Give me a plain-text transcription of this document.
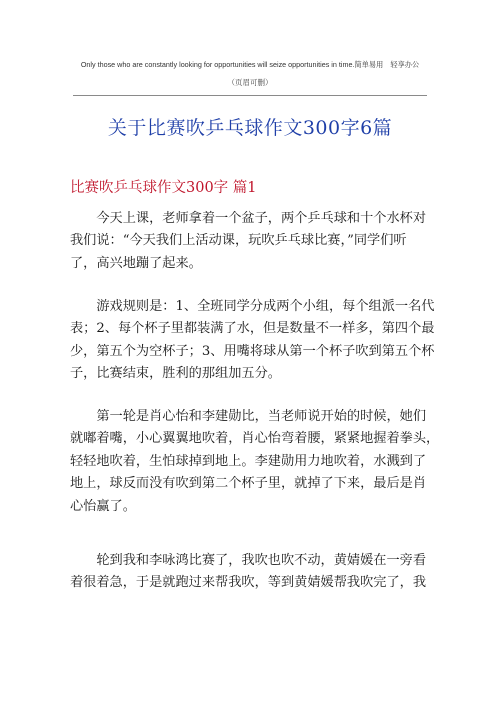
Only those who are constantly looking for opportunities will seize opportunities in time.简单易用　轻享办公
（页眉可删）
关于比赛吹乒乓球作文300字6篇
比赛吹乒乓球作文300字 篇1
　　今天上课，老师拿着一个盆子，两个乒乓球和十个水杯对
我们说：“今天我们上活动课，玩吹乒乓球比赛，”同学们听
了，高兴地蹦了起来。
　　游戏规则是：1、全班同学分成两个小组，每个组派一名代
表；2、每个杯子里都装满了水，但是数量不一样多，第四个最
少，第五个为空杯子；3、用嘴将球从第一个杯子吹到第五个杯
子，比赛结束，胜利的那组加五分。
　　第一轮是肖心怡和李建勋比，当老师说开始的时候，她们
就嘟着嘴，小心翼翼地吹着，肖心怡弯着腰，紧紧地握着拳头，
轻轻地吹着，生怕球掉到地上。李建勋用力地吹着，水溅到了
地上，球反而没有吹到第二个杯子里，就掉了下来，最后是肖
心怡赢了。
　　轮到我和李咏鸿比赛了，我吹也吹不动，黄婧媛在一旁看
着很着急，于是就跑过来帮我吹，等到黄婧媛帮我吹完了，我
